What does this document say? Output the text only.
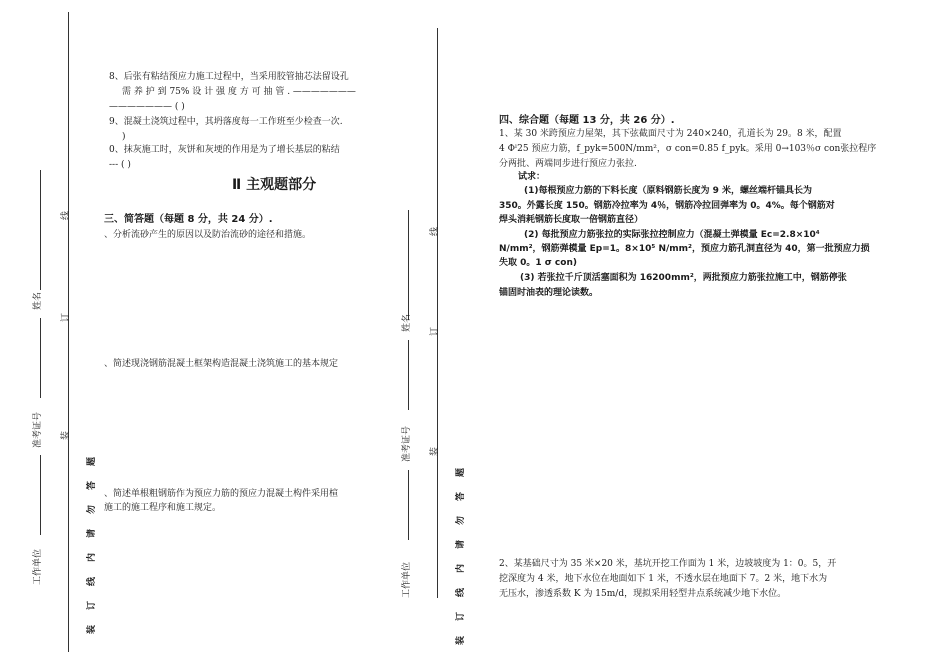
姓名
准考证号
工作单位
线
订
装
题
答
勿
请
内
线
订
装
8、后张有粘结预应力施工过程中，当采用胶管抽芯法留设孔
需 养 护 到 75% 设 计 强 度 方 可 抽 管 . ———————
——————— ( )
9、混凝土浇筑过程中，其坍落度每一工作班至少检查一次.
)
0、抹灰施工时，灰饼和灰埂的作用是为了增长基层的粘结
--- ( )
Ⅱ 主观题部分
三、简答题（每题 8 分，共 24 分）.
、分析流砂产生的原因以及防治流砂的途径和措施。
、简述现浇钢筋混凝土框架构造混凝土浇筑施工的基本规定
、简述单根粗钢筋作为预应力筋的预应力混凝土构件采用楦
施工的施工程序和施工规定。
姓名
准考证号
工作单位
线
订
装
题
答
勿
请
内
线
订
装
四、综合题（每题 13 分，共 26 分）.
1、某 30 米跨预应力屋架，其下弦截面尺寸为 240×240，孔道长为 29。8 米，配置
4 Φˡ25 预应力筋，f_pyk=500N/mm²，σ con=0.85 f_pyk。采用 0→103％σ con张拉程序
分两批、两端同步进行预应力张拉.
试求：
(1)每根预应力筋的下料长度（原料钢筋长度为 9 米，螺丝端杆锚具长为
350。外露长度 150。钢筋冷拉率为 4％，钢筋冷拉回弹率为 0。4%。每个钢筋对
焊头消耗钢筋长度取一倍钢筋直径）
(2) 每批预应力筋张拉的实际张拉控制应力（混凝土弹模量 Ec=2.8×10⁴
N/mm²，钢筋弹模量 Ep=1。8×10⁵ N/mm²，预应力筋孔洞直径为 40，第一批预应力损
失取 0。1 σ con)
(3) 若张拉千斤顶活塞面积为 16200mm²，两批预应力筋张拉施工中，钢筋停张
锚固时油表的理论读数。
2、某基础尺寸为 35 米×20 米，基坑开挖工作面为 1 米，边坡坡度为 1：0。5，开
挖深度为 4 米，地下水位在地面如下 1 米，不透水层在地面下 7。2 米，地下水为
无压水，渗透系数 K 为 15m/d，现拟采用轻型井点系统减少地下水位。
